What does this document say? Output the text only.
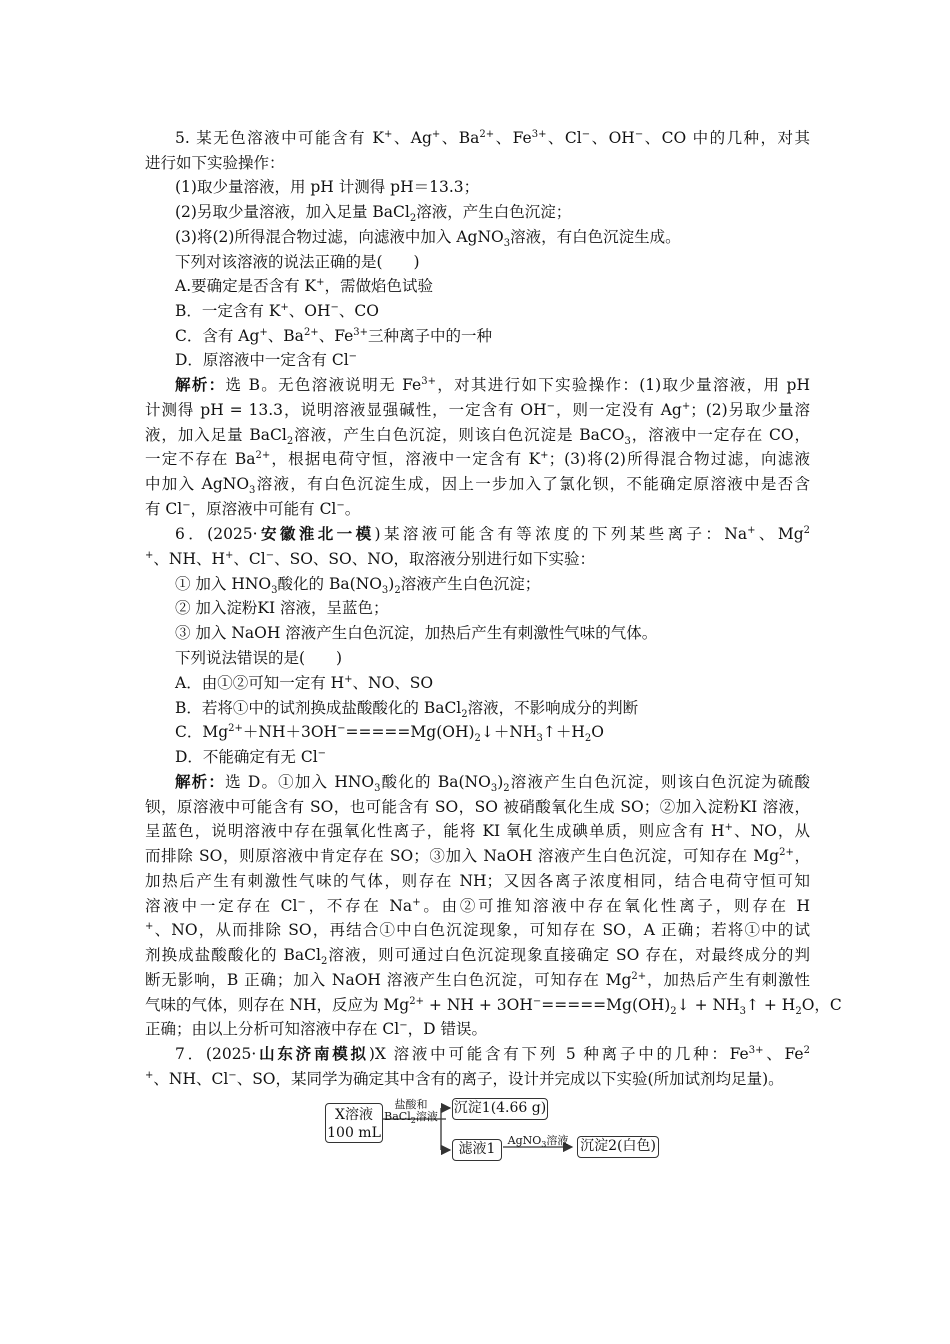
5. 某无色溶液中可能含有 K+、Ag+、$Ba^{2+}$、$Fe^{3+}$、Cl−、OH−、CO 中的几种，对其
进行如下实验操作：
(1)取少量溶液，用 pH 计测得 pH＝13.3；
(2)另取少量溶液，加入足量 BaCl$_2$溶液，产生白色沉淀；
(3)将(2)所得混合物过滤，向滤液中加入 AgNO$_3$溶液，有白色沉淀生成。
下列对该溶液的说法正确的是(　　)
A.要确定是否含有 K+，需做焰色试验
B．一定含有 K+、OH−、CO
C．含有 Ag+、$Ba^{2+}$、$Fe^{3+}$三种离子中的一种
D．原溶液中一定含有 Cl−
解析：选 B。无色溶液说明无 $Fe^{3+}$，对其进行如下实验操作：(1)取少量溶液，用 pH
计测得 pH = 13.3，说明溶液显强碱性，一定含有 OH−，则一定没有 Ag+；(2)另取少量溶
液，加入足量 BaCl$_2$溶液，产生白色沉淀，则该白色沉淀是 BaCO$_3$，溶液中一定存在 CO，
一定不存在 $Ba^{2+}$，根据电荷守恒，溶液中一定含有 K+；(3)将(2)所得混合物过滤，向滤液
中加入 AgNO$_3$溶液，有白色沉淀生成，因上一步加入了氯化钡，不能确定原溶液中是否含
有 Cl−，原溶液中可能有 Cl−。
6．(2025·安徽淮北一模)某溶液可能含有等浓度的下列某些离子：Na+、Mg$^2$
+、NH、H+、Cl−、SO、SO、NO，取溶液分别进行如下实验：
① 加入 $HNO_3$酸化的 $Ba(NO_3)_2$溶液产生白色沉淀；
② 加入淀粉KI 溶液，呈蓝色；
③ 加入 NaOH 溶液产生白色沉淀，加热后产生有刺激性气味的气体。
下列说法错误的是(　　)
A．由①②可知一定有 H+、NO、SO
B．若将①中的试剂换成盐酸酸化的 BaCl$_2$溶液，不影响成分的判断
C．$Mg^{2+}+NH+3OH^-=====Mg(OH)_2↓+NH_3↑+H_2O$
D．不能确定有无 Cl−
解析：选 D。①加入 $HNO_3$酸化的 $Ba(NO_3)_2$溶液产生白色沉淀，则该白色沉淀为硫酸
钡，原溶液中可能含有 SO，也可能含有 SO，SO 被硝酸氧化生成 SO；②加入淀粉KI 溶液，
呈蓝色，说明溶液中存在强氧化性离子，能将 KI 氧化生成碘单质，则应含有 H+、NO，从
而排除 SO，则原溶液中肯定存在 SO；③加入 NaOH 溶液产生白色沉淀，可知存在 $Mg^{2+}$，
加热后产生有刺激性气味的气体，则存在 NH；又因各离子浓度相同，结合电荷守恒可知
溶液中一定存在 Cl−，不存在 Na+。由②可推知溶液中存在氧化性离子，则存在 H
+、NO，从而排除 SO，再结合①中白色沉淀现象，可知存在 SO，A 正确；若将①中的试
剂换成盐酸酸化的 BaCl$_2$溶液，则可通过白色沉淀现象直接确定 SO 存在，对最终成分的判
断无影响，B 正确；加入 NaOH 溶液产生白色沉淀，可知存在 $Mg^{2+}$，加热后产生有刺激性
气味的气体，则存在 NH，反应为 $Mg^{2+}$ + NH + $3OH^-=====Mg(OH)_2↓$ + $NH_3↑ + H_2O$，C
正确；由以上分析可知溶液中存在 Cl−，D 错误。
7．(2025·山东济南模拟)X 溶液中可能含有下列 5 种离子中的几种：$Fe^{3+}$、Fe$^2$
+、NH、Cl−、SO，某同学为确定其中含有的离子，设计并完成以下实验(所加试剂均足量)。
X溶液
100 mL
盐酸和
BaCl$_2$溶液
沉淀1(4.66 g)
滤液1
AgNO$_3$溶液 沉淀2(白色)
